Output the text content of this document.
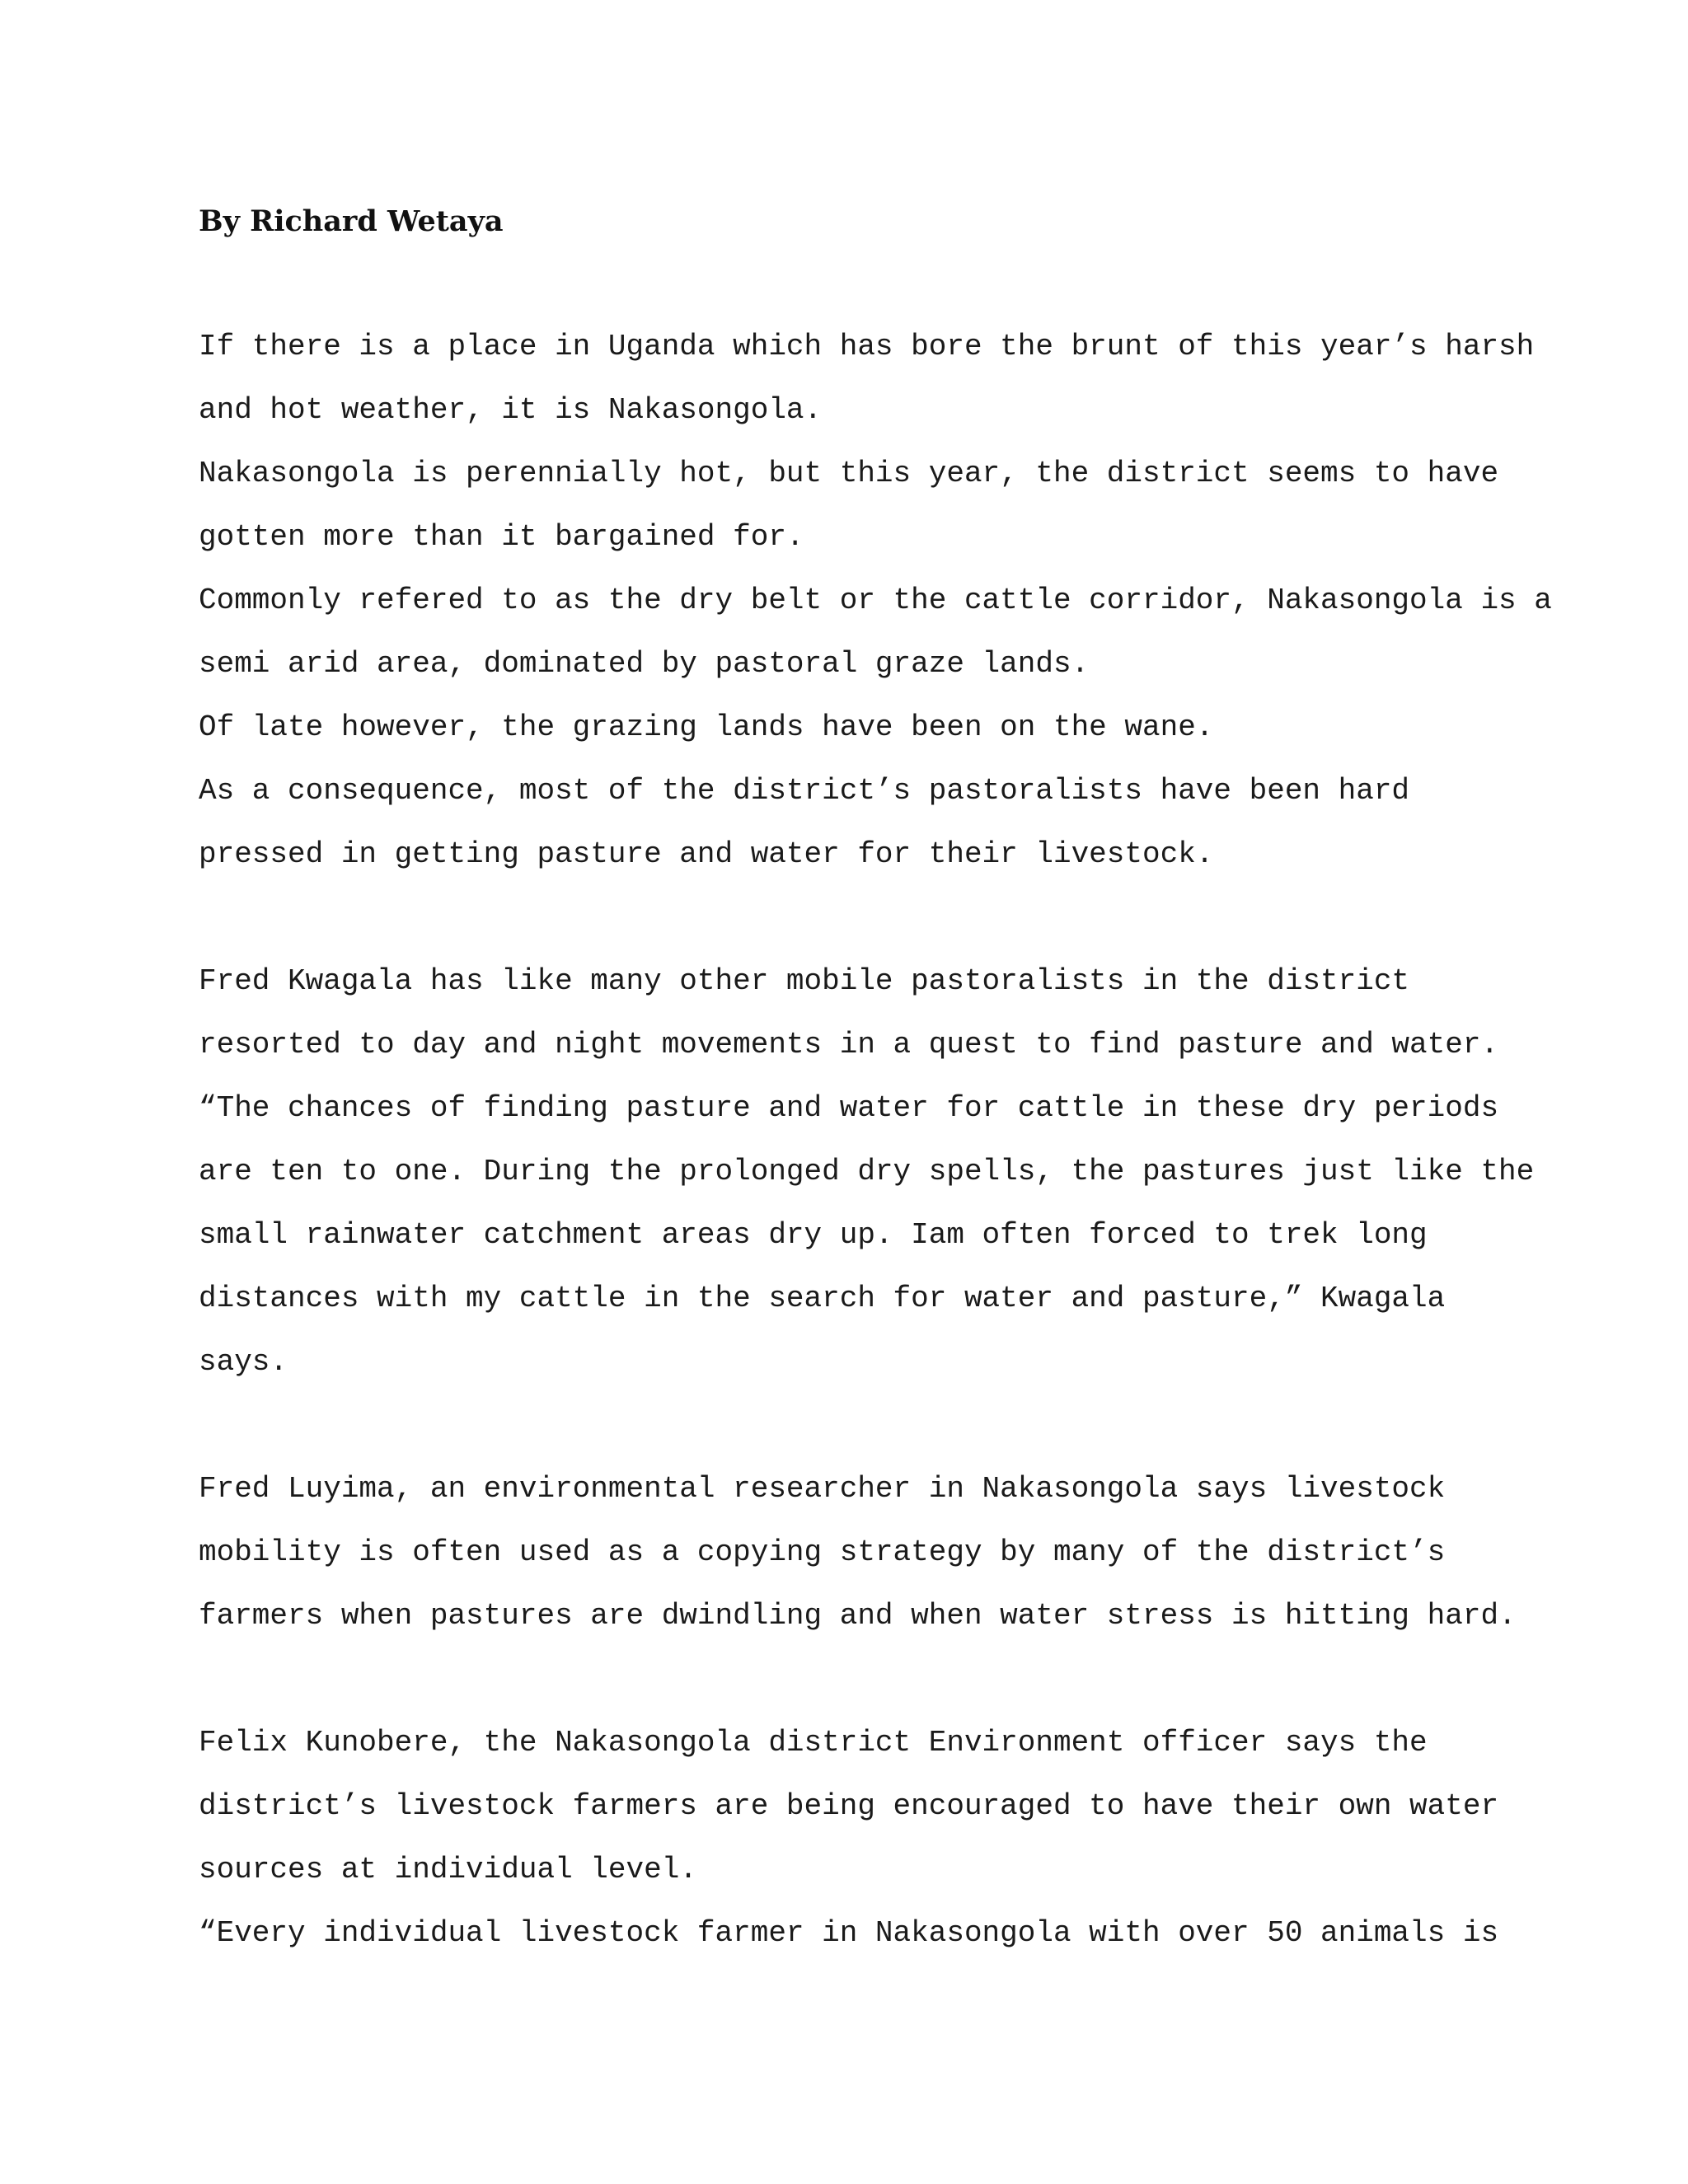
By Richard Wetaya

If there is a place in Uganda which has bore the brunt of this year’s harsh

and hot weather, it is Nakasongola.

Nakasongola is perennially hot, but this year, the district seems to have

gotten more than it bargained for.

Commonly refered to as the dry belt or the cattle corridor, Nakasongola is a

semi arid area, dominated by pastoral graze lands.

Of late however, the grazing lands have been on the wane.

As a consequence, most of the district’s pastoralists have been hard

pressed in getting pasture and water for their livestock.

Fred Kwagala has like many other mobile pastoralists in the district

resorted to day and night movements in a quest to find pasture and water.

“The chances of finding pasture and water for cattle in these dry periods

are ten to one. During the prolonged dry spells, the pastures just like the

small rainwater catchment areas dry up. Iam often forced to trek long

distances with my cattle in the search for water and pasture,” Kwagala

says.

Fred Luyima, an environmental researcher in Nakasongola says livestock

mobility is often used as a copying strategy by many of the district’s

farmers when pastures are dwindling and when water stress is hitting hard.

Felix Kunobere, the Nakasongola district Environment officer says the

district’s livestock farmers are being encouraged to have their own water

sources at individual level.

“Every individual livestock farmer in Nakasongola with over 50 animals is
